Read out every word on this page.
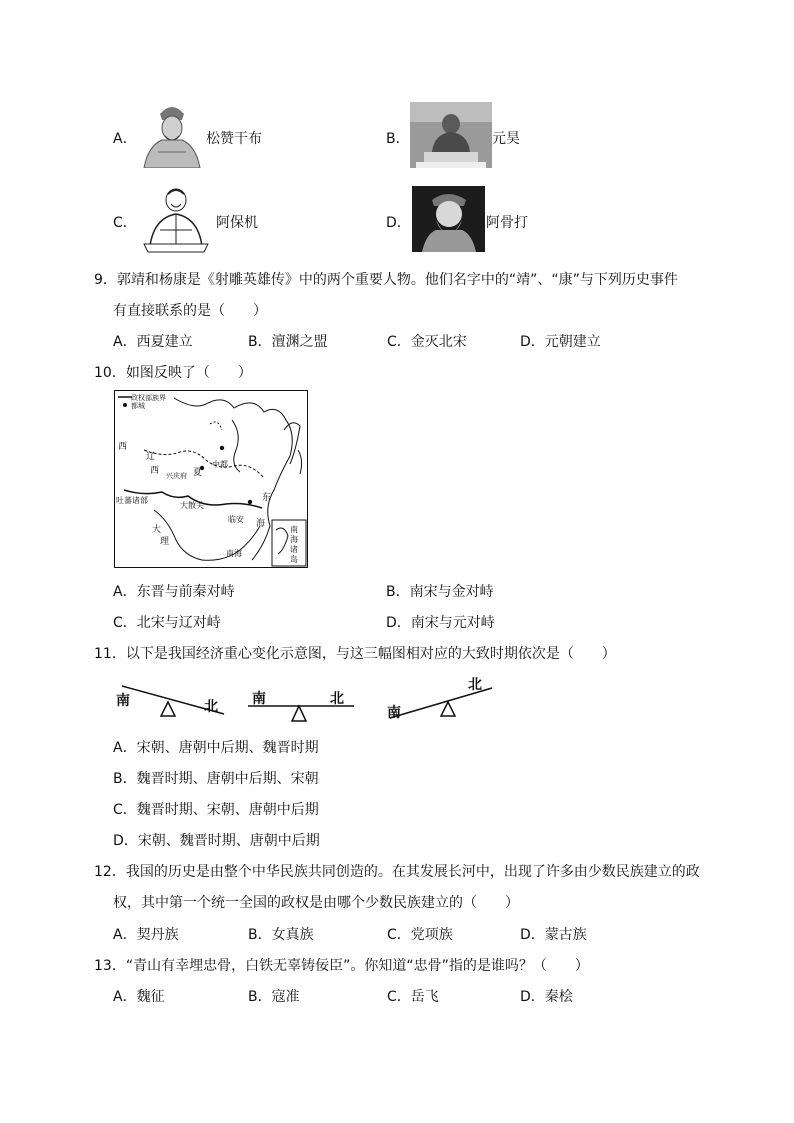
A．	松赞干布	B．	元昊
C．	阿保机	D．	阿骨打
9．郭靖和杨康是《射雕英雄传》中的两个重要人物。他们名字中的“靖”、“康”与下列历史事件
有直接联系的是（　　）
A．西夏建立	B．澶渊之盟	C．金灭北宋	D．元朝建立
10．如图反映了（　　）
政权部族界
都城
西
辽
西 兴庆府 夏
中都
吐蕃诸部
大散关
东
临安
大
理
海
南海
南
海
诸
岛
A．东晋与前秦对峙	B．南宋与金对峙
C．北宋与辽对峙	D．南宋与元对峙
11．以下是我国经济重心变化示意图，与这三幅图相对应的大致时期依次是（　　）
南	北 南	北
南
北
A．宋朝、唐朝中后期、魏晋时期
B．魏晋时期、唐朝中后期、宋朝
C．魏晋时期、宋朝、唐朝中后期
D．宋朝、魏晋时期、唐朝中后期
12．我国的历史是由整个中华民族共同创造的。在其发展长河中，出现了许多由少数民族建立的政
权，其中第一个统一全国的政权是由哪个少数民族建立的（　　）
A．契丹族	B．女真族	C．党项族	D．蒙古族
13．“青山有幸埋忠骨，白铁无辜铸佞臣”。你知道“忠骨”指的是谁吗？（　　）
A．魏征	B．寇准	C．岳飞	D．秦桧
